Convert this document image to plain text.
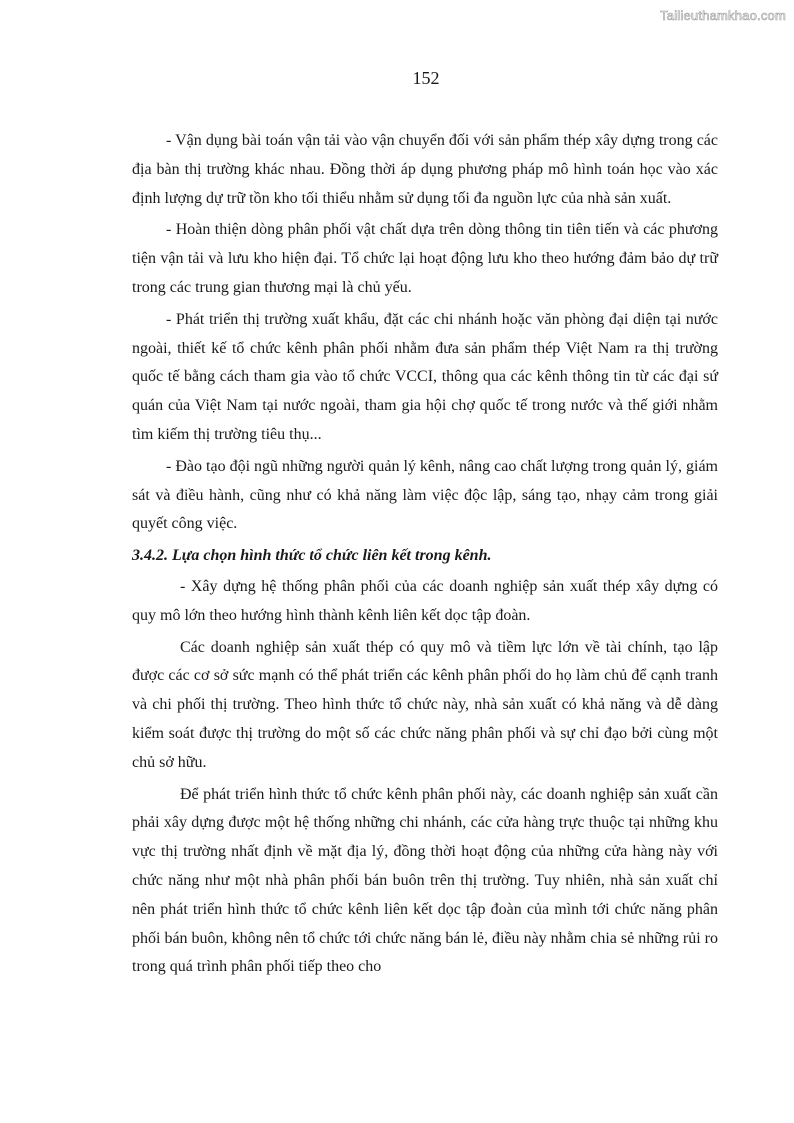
Tailieuthamkhao.com
152

- Vận dụng bài toán vận tải vào vận chuyển đối với sản phẩm thép xây dựng trong các địa bàn thị trường khác nhau. Đồng thời áp dụng phương pháp mô hình toán học vào xác định lượng dự trữ tồn kho tối thiểu nhằm sử dụng tối đa nguồn lực của nhà sản xuất.

- Hoàn thiện dòng phân phối vật chất dựa trên dòng thông tin tiên tiến và các phương tiện vận tải và lưu kho hiện đại. Tổ chức lại hoạt động lưu kho theo hướng đảm bảo dự trữ trong các trung gian thương mại là chủ yếu.

- Phát triển thị trường xuất khẩu, đặt các chi nhánh hoặc văn phòng đại diện tại nước ngoài, thiết kế tổ chức kênh phân phối nhằm đưa sản phẩm thép Việt Nam ra thị trường quốc tế bằng cách tham gia vào tổ chức VCCI, thông qua các kênh thông tin từ các đại sứ quán của Việt Nam tại nước ngoài, tham gia hội chợ quốc tế trong nước và thế giới nhằm tìm kiếm thị trường tiêu thụ...

- Đào tạo đội ngũ những người quản lý kênh, nâng cao chất lượng trong quản lý, giám sát và điều hành, cũng như có khả năng làm việc độc lập, sáng tạo, nhạy cảm trong giải quyết công việc.

3.4.2. Lựa chọn hình thức tổ chức liên kết trong kênh.

- Xây dựng hệ thống phân phối của các doanh nghiệp sản xuất thép xây dựng có quy mô lớn theo hướng hình thành kênh liên kết dọc tập đoàn.

Các doanh nghiệp sản xuất thép có quy mô và tiềm lực lớn về tài chính, tạo lập được các cơ sở sức mạnh có thể phát triển các kênh phân phối do họ làm chủ để cạnh tranh và chi phối thị trường. Theo hình thức tổ chức này, nhà sản xuất có khả năng và dễ dàng kiểm soát được thị trường do một số các chức năng phân phối và sự chỉ đạo bởi cùng một chủ sở hữu.

Để phát triển hình thức tổ chức kênh phân phối này, các doanh nghiệp sản xuất cần phải xây dựng được một hệ thống những chi nhánh, các cửa hàng trực thuộc tại những khu vực thị trường nhất định về mặt địa lý, đồng thời hoạt động của những cửa hàng này với chức năng như một nhà phân phối bán buôn trên thị trường. Tuy nhiên, nhà sản xuất chỉ nên phát triển hình thức tổ chức kênh liên kết dọc tập đoàn của mình tới chức năng phân phối bán buôn, không nên tổ chức tới chức năng bán lẻ, điều này nhằm chia sẻ những rủi ro trong quá trình phân phối tiếp theo cho
